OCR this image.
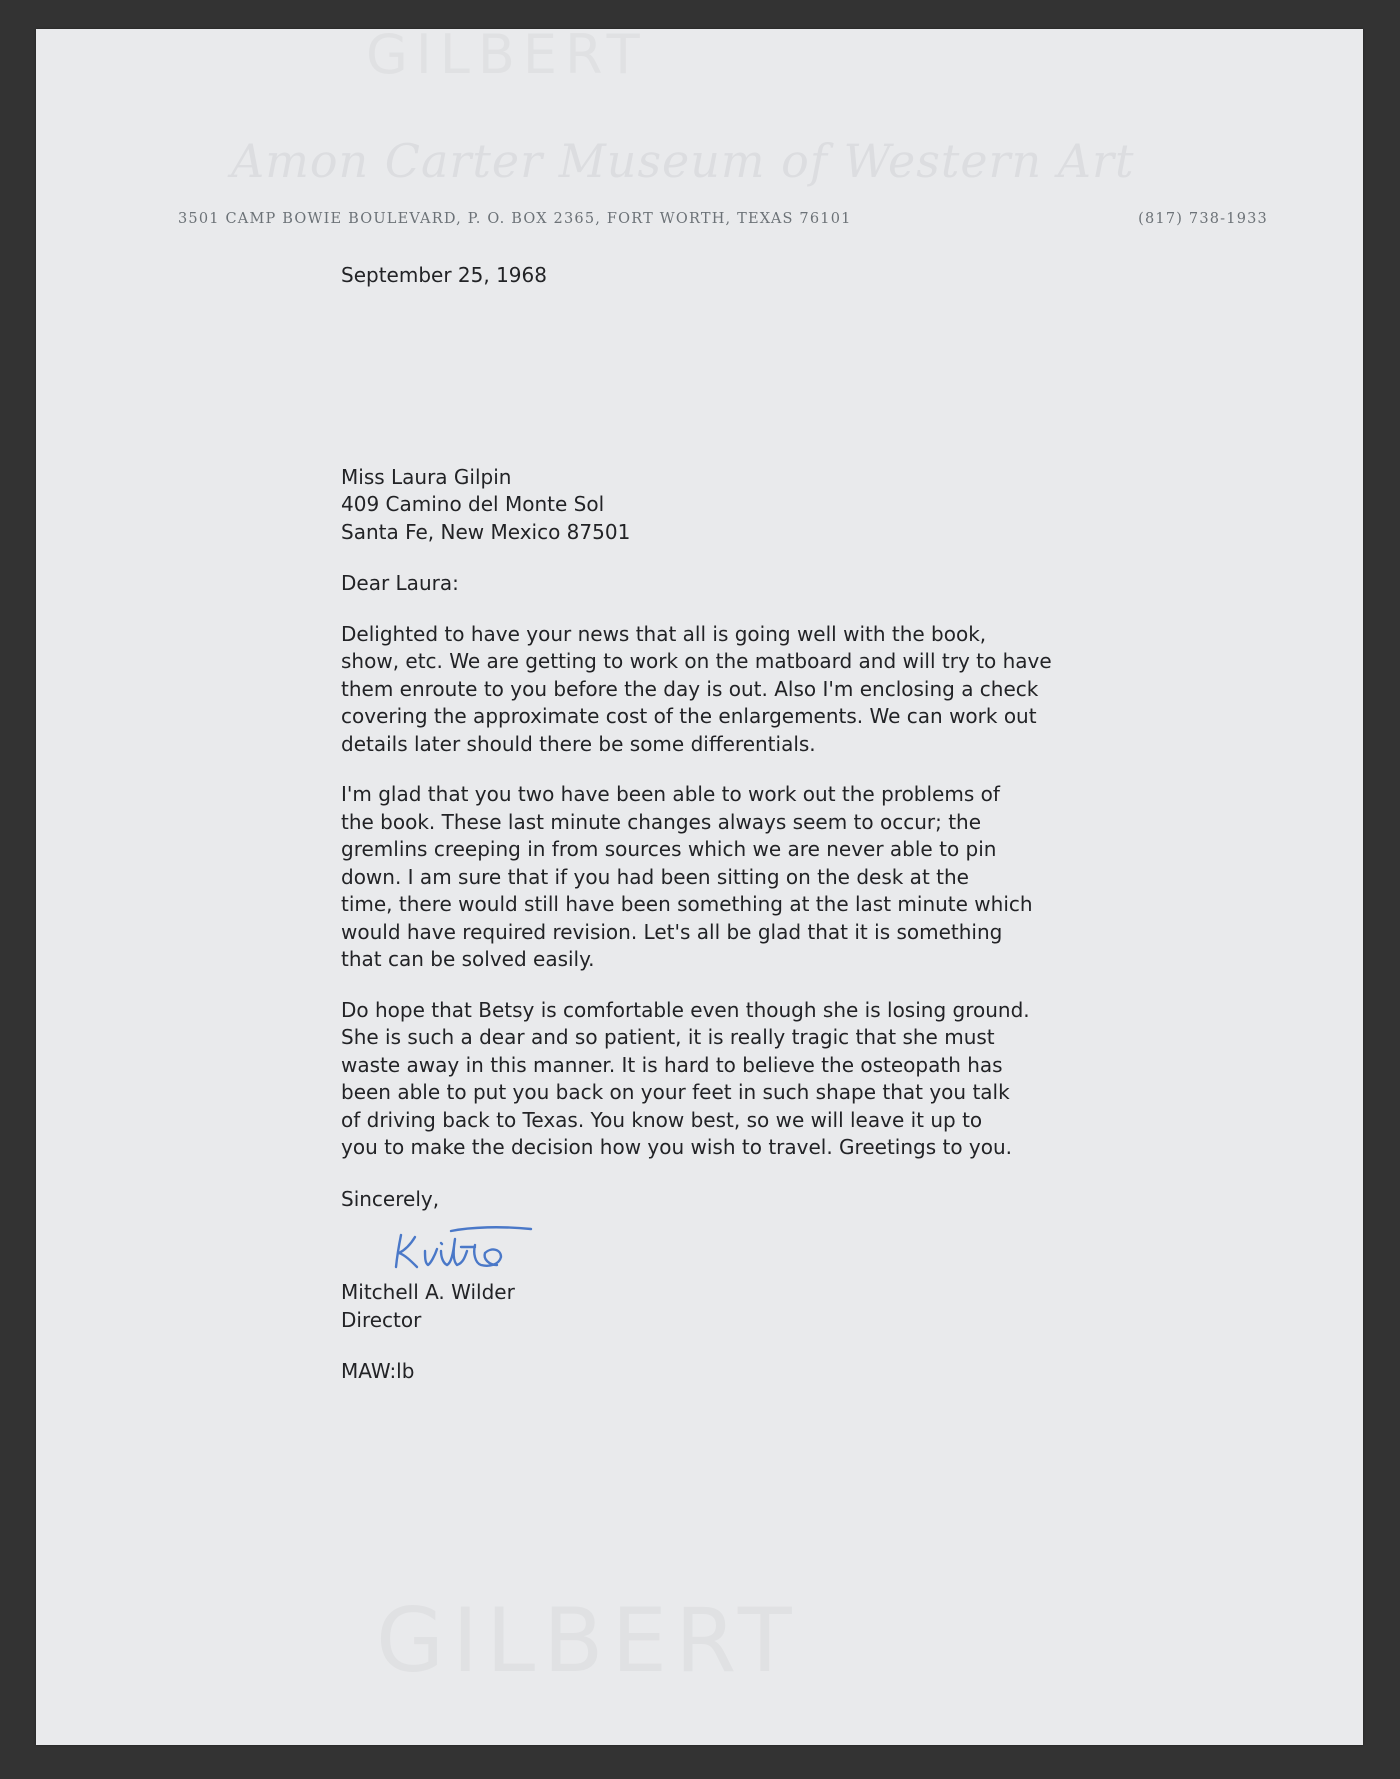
GILBERT
Amon Carter Museum of Western Art
GILBERT
3501 CAMP BOWIE BOULEVARD, P. O. BOX 2365, FORT WORTH, TEXAS 76101	(817) 738-1933
September 25, 1968
Miss Laura Gilpin
409 Camino del Monte Sol
Santa Fe, New Mexico 87501
Dear Laura:
Delighted to have your news that all is going well with the book,
show, etc. We are getting to work on the matboard and will try to have
them enroute to you before the day is out. Also I'm enclosing a check
covering the approximate cost of the enlargements. We can work out
details later should there be some differentials.
I'm glad that you two have been able to work out the problems of
the book. These last minute changes always seem to occur; the
gremlins creeping in from sources which we are never able to pin
down. I am sure that if you had been sitting on the desk at the
time, there would still have been something at the last minute which
would have required revision. Let's all be glad that it is something
that can be solved easily.
Do hope that Betsy is comfortable even though she is losing ground.
She is such a dear and so patient, it is really tragic that she must
waste away in this manner. It is hard to believe the osteopath has
been able to put you back on your feet in such shape that you talk
of driving back to Texas. You know best, so we will leave it up to
you to make the decision how you wish to travel. Greetings to you.
Sincerely,
Mitchell A. Wilder
Director
MAW:lb
